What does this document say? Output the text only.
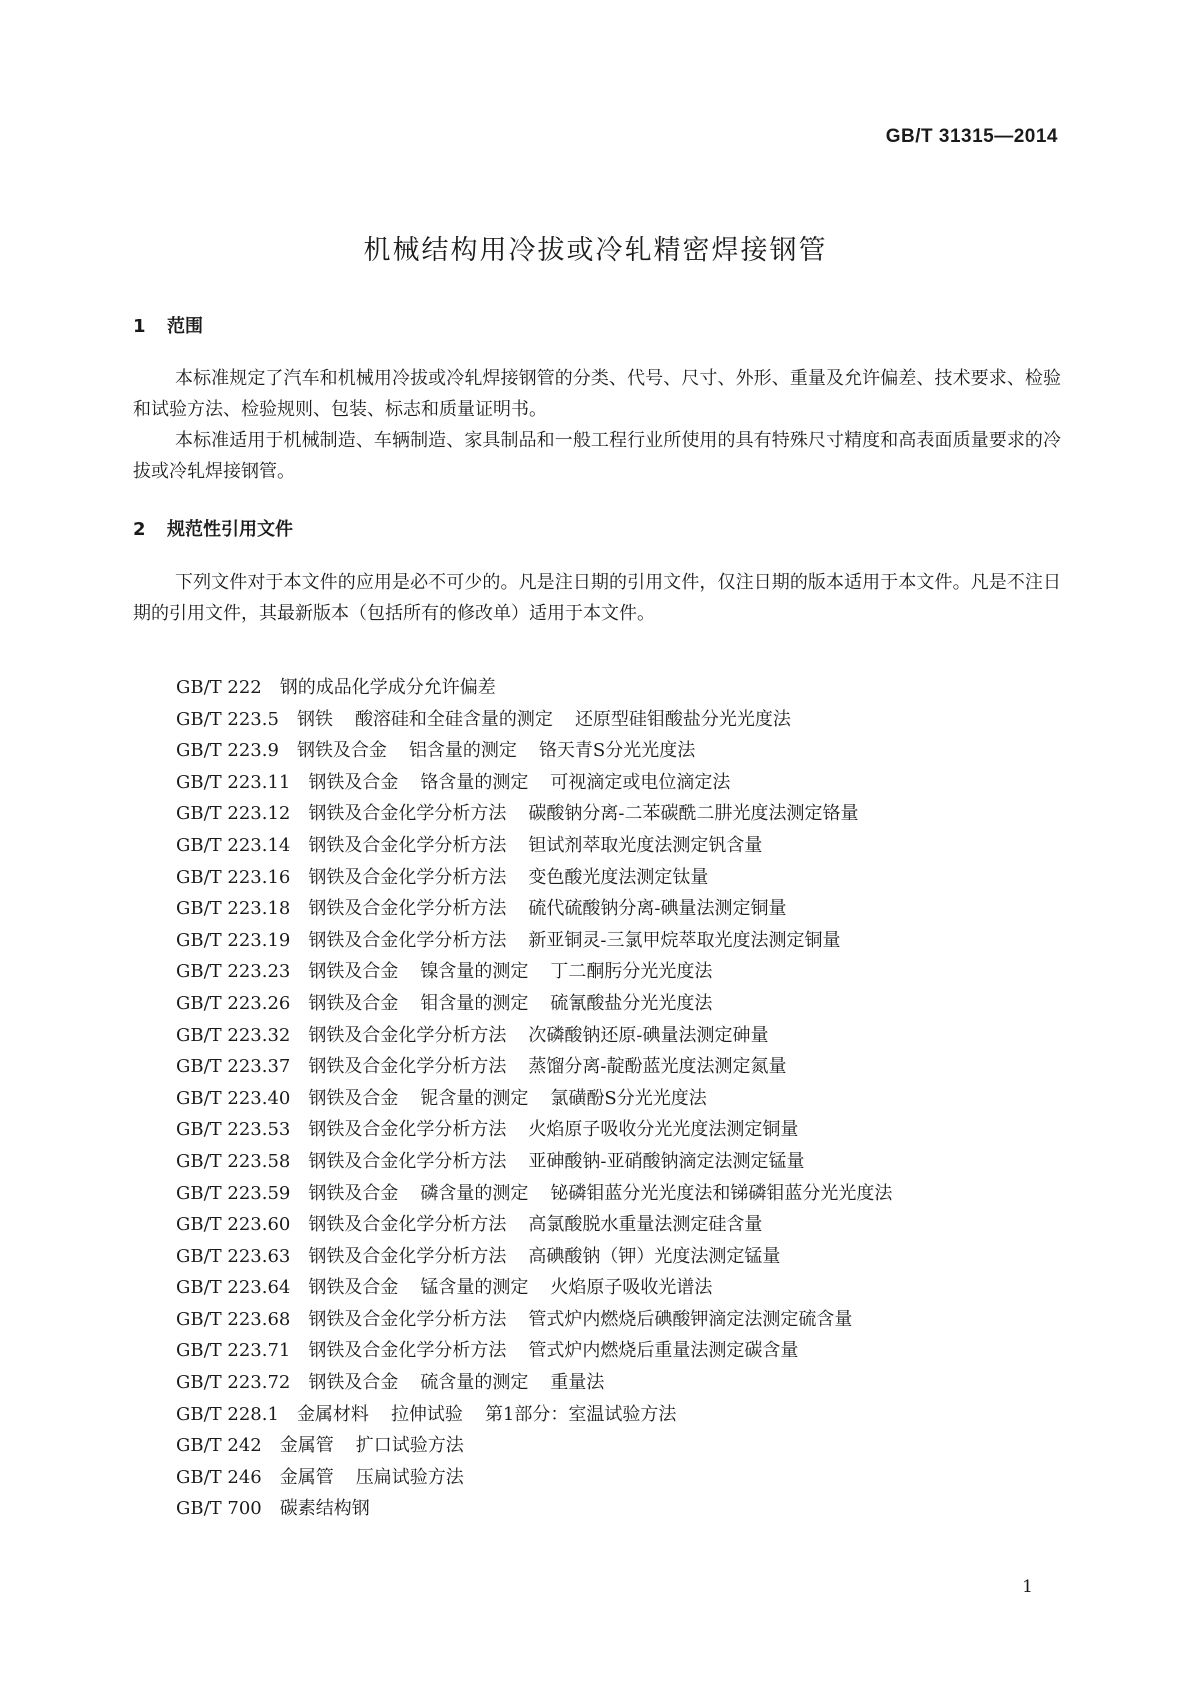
GB/T 31315—2014
机械结构用冷拔或冷轧精密焊接钢管
1 范围

本标准规定了汽车和机械用冷拔或冷轧焊接钢管的分类、代号、尺寸、外形、重量及允许偏差、技术要求、检验和试验方法、检验规则、包装、标志和质量证明书。

本标准适用于机械制造、车辆制造、家具制品和一般工程行业所使用的具有特殊尺寸精度和高表面质量要求的冷拔或冷轧焊接钢管。

2 规范性引用文件

下列文件对于本文件的应用是必不可少的。凡是注日期的引用文件，仅注日期的版本适用于本文件。凡是不注日期的引用文件，其最新版本（包括所有的修改单）适用于本文件。

GB/T 222 钢的成品化学成分允许偏差
GB/T 223.5 钢铁 酸溶硅和全硅含量的测定 还原型硅钼酸盐分光光度法
GB/T 223.9 钢铁及合金 铝含量的测定 铬天青S分光光度法
GB/T 223.11 钢铁及合金 铬含量的测定 可视滴定或电位滴定法
GB/T 223.12 钢铁及合金化学分析方法 碳酸钠分离-二苯碳酰二肼光度法测定铬量
GB/T 223.14 钢铁及合金化学分析方法 钽试剂萃取光度法测定钒含量
GB/T 223.16 钢铁及合金化学分析方法 变色酸光度法测定钛量
GB/T 223.18 钢铁及合金化学分析方法 硫代硫酸钠分离-碘量法测定铜量
GB/T 223.19 钢铁及合金化学分析方法 新亚铜灵-三氯甲烷萃取光度法测定铜量
GB/T 223.23 钢铁及合金 镍含量的测定 丁二酮肟分光光度法
GB/T 223.26 钢铁及合金 钼含量的测定 硫氰酸盐分光光度法
GB/T 223.32 钢铁及合金化学分析方法 次磷酸钠还原-碘量法测定砷量
GB/T 223.37 钢铁及合金化学分析方法 蒸馏分离-靛酚蓝光度法测定氮量
GB/T 223.40 钢铁及合金 铌含量的测定 氯磺酚S分光光度法
GB/T 223.53 钢铁及合金化学分析方法 火焰原子吸收分光光度法测定铜量
GB/T 223.58 钢铁及合金化学分析方法 亚砷酸钠-亚硝酸钠滴定法测定锰量
GB/T 223.59 钢铁及合金 磷含量的测定 铋磷钼蓝分光光度法和锑磷钼蓝分光光度法
GB/T 223.60 钢铁及合金化学分析方法 高氯酸脱水重量法测定硅含量
GB/T 223.63 钢铁及合金化学分析方法 高碘酸钠（钾）光度法测定锰量
GB/T 223.64 钢铁及合金 锰含量的测定 火焰原子吸收光谱法
GB/T 223.68 钢铁及合金化学分析方法 管式炉内燃烧后碘酸钾滴定法测定硫含量
GB/T 223.71 钢铁及合金化学分析方法 管式炉内燃烧后重量法测定碳含量
GB/T 223.72 钢铁及合金 硫含量的测定 重量法
GB/T 228.1 金属材料 拉伸试验 第1部分：室温试验方法
GB/T 242 金属管 扩口试验方法
GB/T 246 金属管 压扁试验方法
GB/T 700 碳素结构钢
1
